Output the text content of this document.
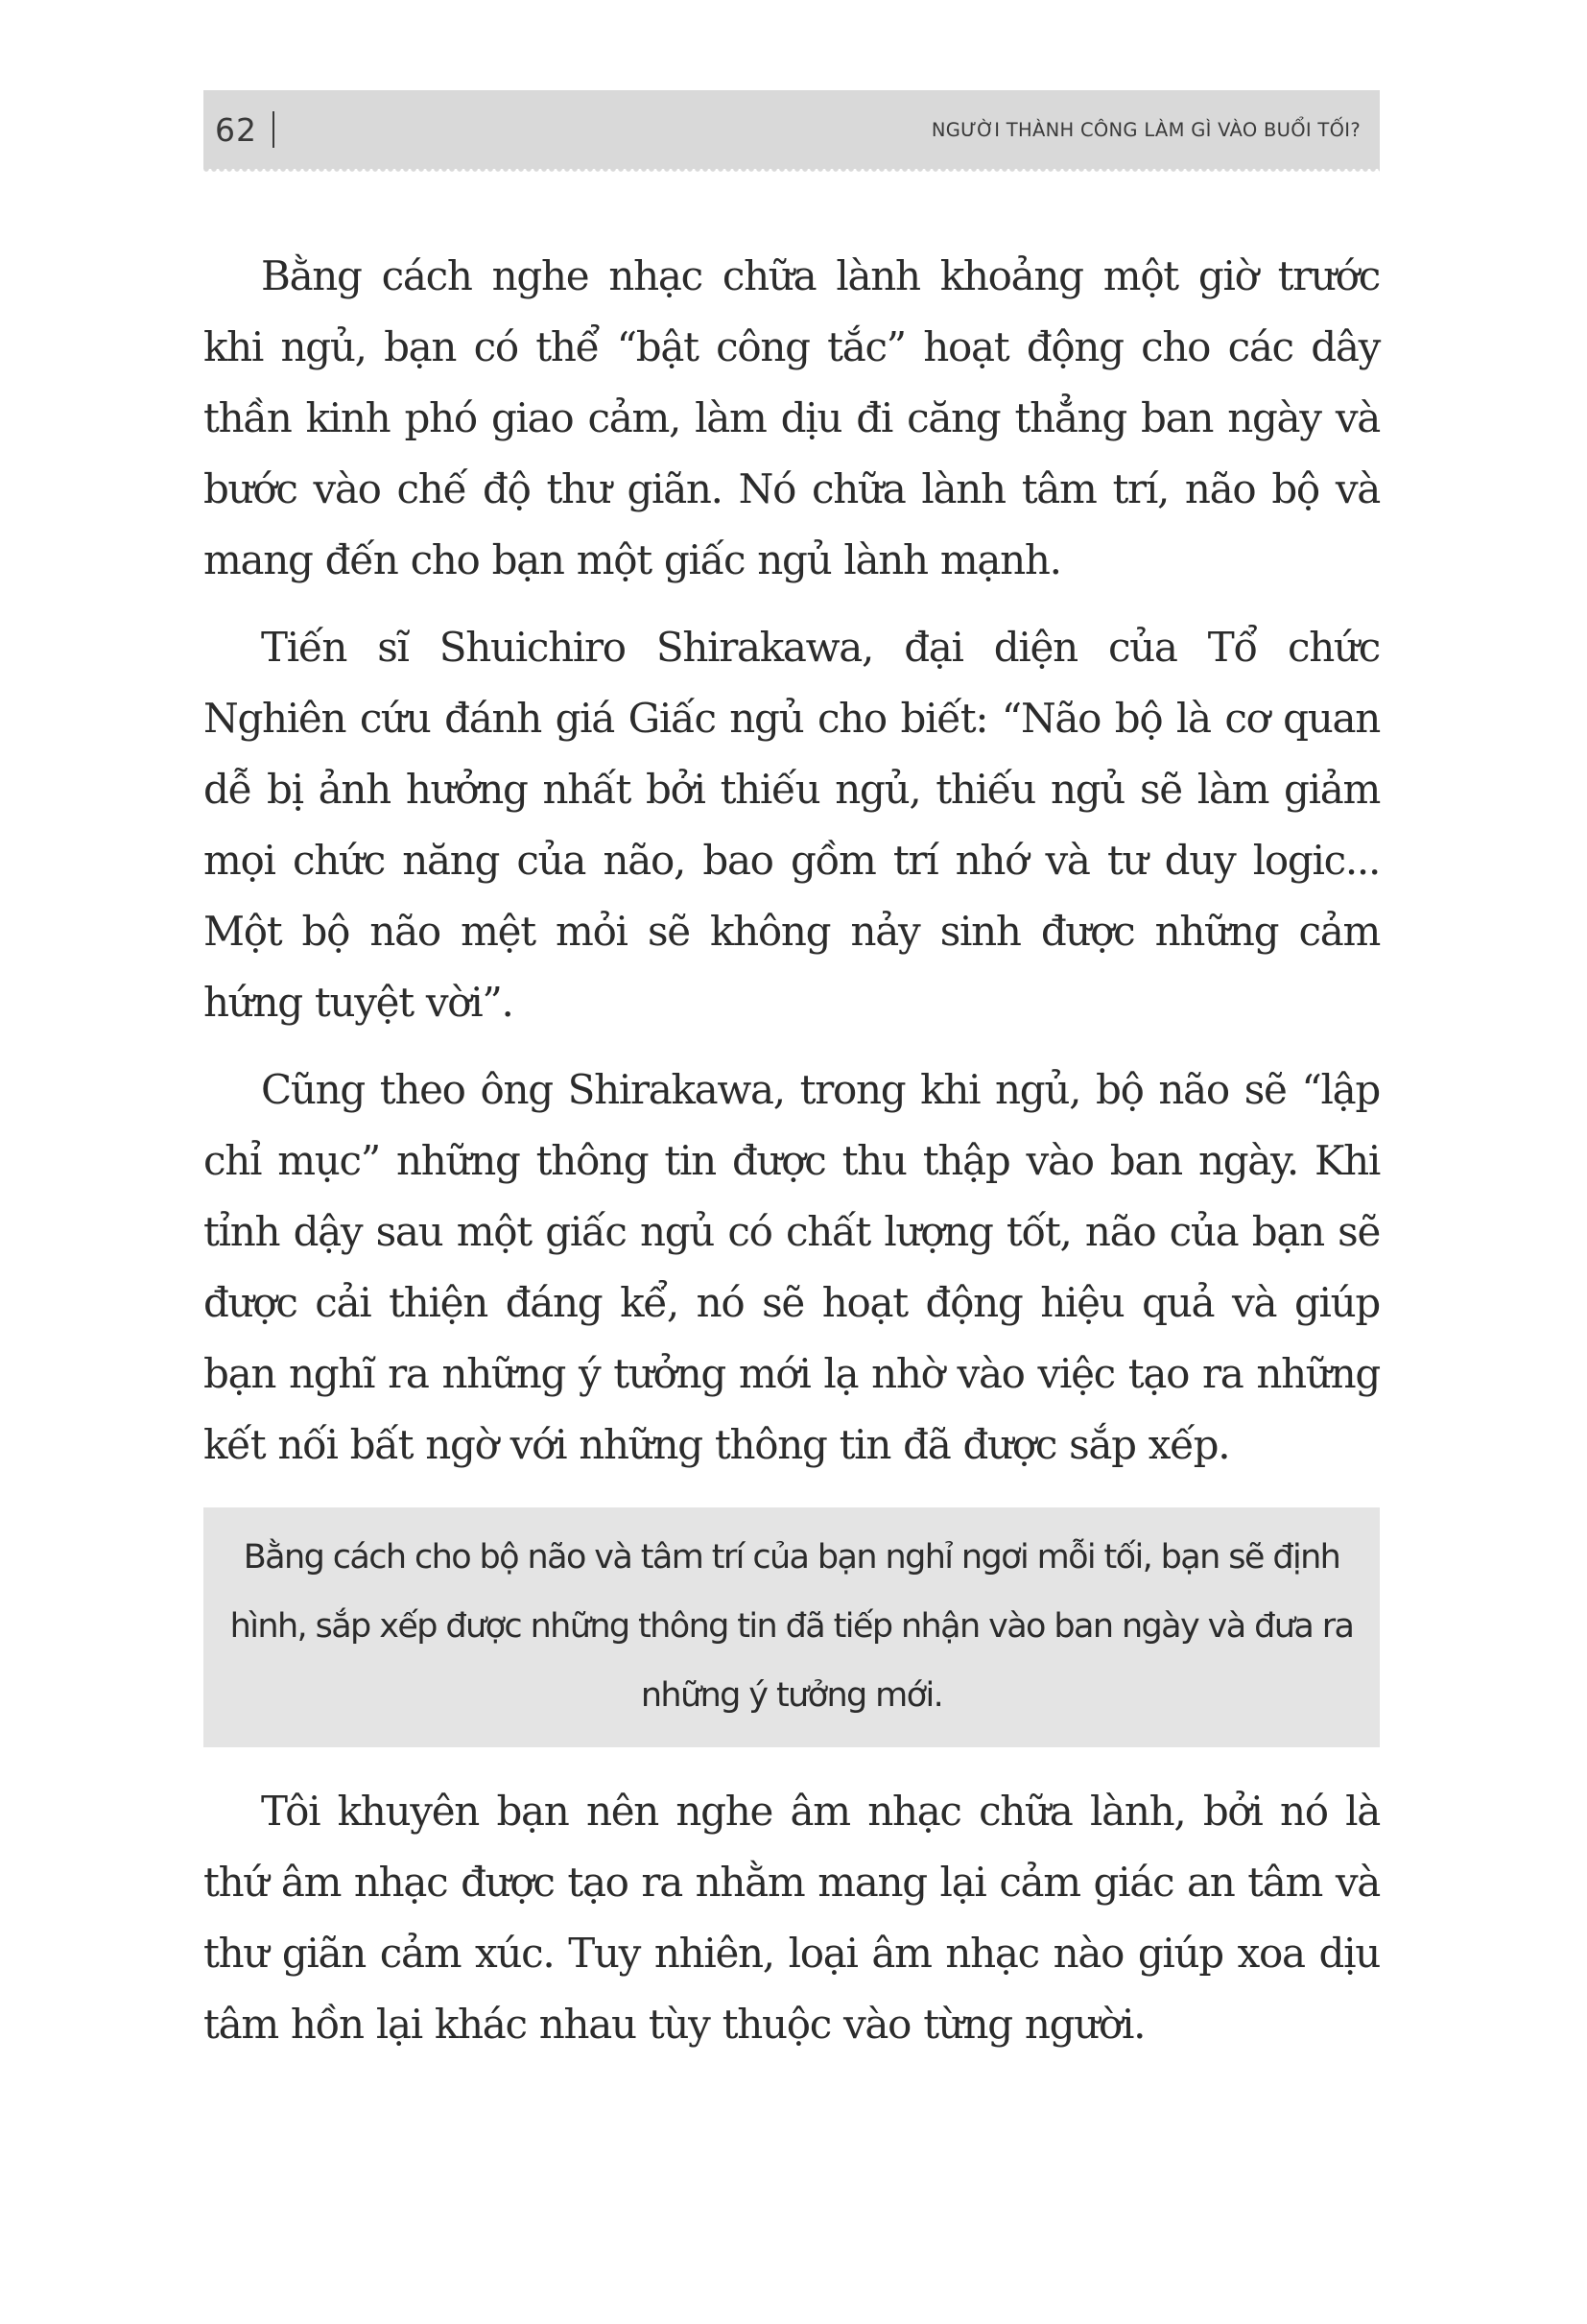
62	NGƯỜI THÀNH CÔNG LÀM GÌ VÀO BUỔI TỐI?

Bằng cách nghe nhạc chữa lành khoảng một giờ trước khi ngủ, bạn có thể “bật công tắc” hoạt động cho các dây thần kinh phó giao cảm, làm dịu đi căng thẳng ban ngày và bước vào chế độ thư giãn. Nó chữa lành tâm trí, não bộ và mang đến cho bạn một giấc ngủ lành mạnh.

Tiến sĩ Shuichiro Shirakawa, đại diện của Tổ chức Nghiên cứu đánh giá Giấc ngủ cho biết: “Não bộ là cơ quan dễ bị ảnh hưởng nhất bởi thiếu ngủ, thiếu ngủ sẽ làm giảm mọi chức năng của não, bao gồm trí nhớ và tư duy logic... Một bộ não mệt mỏi sẽ không nảy sinh được những cảm hứng tuyệt vời”.

Cũng theo ông Shirakawa, trong khi ngủ, bộ não sẽ “lập chỉ mục” những thông tin được thu thập vào ban ngày. Khi tỉnh dậy sau một giấc ngủ có chất lượng tốt, não của bạn sẽ được cải thiện đáng kể, nó sẽ hoạt động hiệu quả và giúp bạn nghĩ ra những ý tưởng mới lạ nhờ vào việc tạo ra những kết nối bất ngờ với những thông tin đã được sắp xếp.

Bằng cách cho bộ não và tâm trí của bạn nghỉ ngơi mỗi tối, bạn sẽ định hình, sắp xếp được những thông tin đã tiếp nhận vào ban ngày và đưa ra những ý tưởng mới.

Tôi khuyên bạn nên nghe âm nhạc chữa lành, bởi nó là thứ âm nhạc được tạo ra nhằm mang lại cảm giác an tâm và thư giãn cảm xúc. Tuy nhiên, loại âm nhạc nào giúp xoa dịu tâm hồn lại khác nhau tùy thuộc vào từng người.
